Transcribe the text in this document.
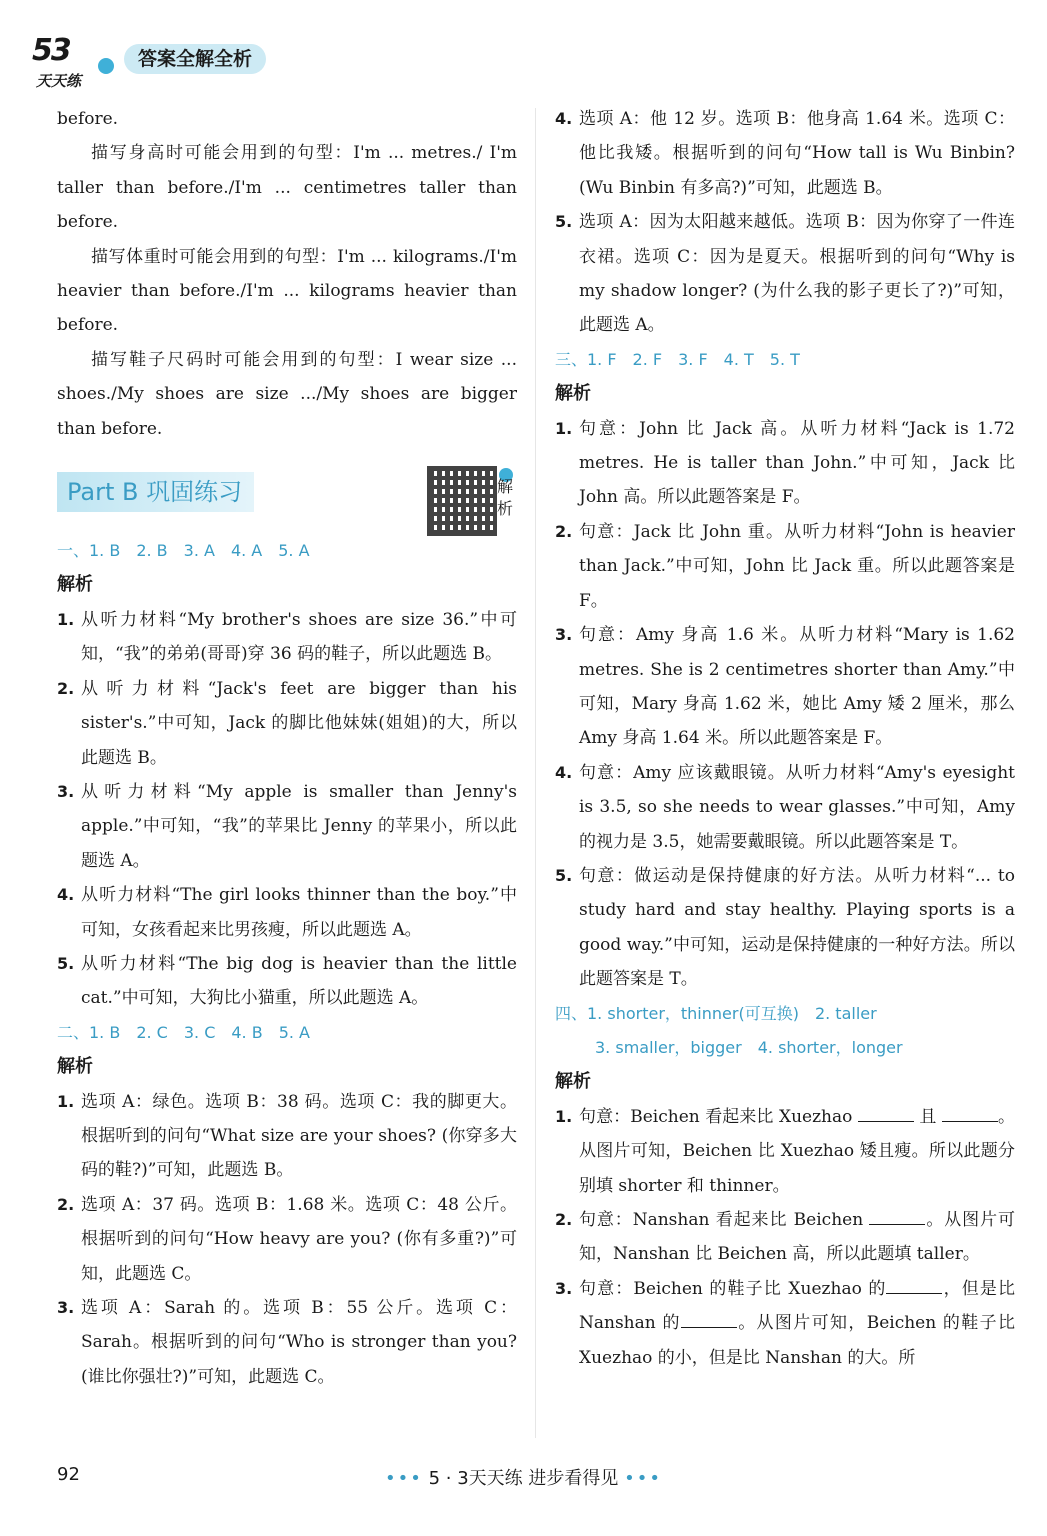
53
天天练
答案全解全析
before.
描写身高时可能会用到的句型：I'm ... metres./ I'm taller than before./I'm ... centimetres taller than before.
描写体重时可能会用到的句型：I'm ... kilograms./I'm heavier than before./I'm ... kilograms heavier than before.
描写鞋子尺码时可能会用到的句型：I wear size ... shoes./My shoes are size .../My shoes are bigger than before.
Part B 巩固练习	解析
一、1. B　2. B　3. A　4. A　5. A
解析
1. 从听力材料“My brother's shoes are size 36.”中可知，“我”的弟弟(哥哥)穿 36 码的鞋子，所以此题选 B。
2. 从听力材料“Jack's feet are bigger than his sister's.”中可知，Jack 的脚比他妹妹(姐姐)的大，所以此题选 B。
3. 从听力材料“My apple is smaller than Jenny's apple.”中可知，“我”的苹果比 Jenny 的苹果小，所以此题选 A。
4. 从听力材料“The girl looks thinner than the boy.”中可知，女孩看起来比男孩瘦，所以此题选 A。
5. 从听力材料“The big dog is heavier than the little cat.”中可知，大狗比小猫重，所以此题选 A。
二、1. B　2. C　3. C　4. B　5. A
解析
1. 选项 A：绿色。选项 B：38 码。选项 C：我的脚更大。根据听到的问句“What size are your shoes? (你穿多大码的鞋?)”可知，此题选 B。
2. 选项 A：37 码。选项 B：1.68 米。选项 C：48 公斤。根据听到的问句“How heavy are you? (你有多重?)”可知，此题选 C。
3. 选项 A：Sarah 的。选项 B：55 公斤。选项 C：Sarah。根据听到的问句“Who is stronger than you? (谁比你强壮?)”可知，此题选 C。
4. 选项 A：他 12 岁。选项 B：他身高 1.64 米。选项 C：他比我矮。根据听到的问句“How tall is Wu Binbin? (Wu Binbin 有多高?)”可知，此题选 B。
5. 选项 A：因为太阳越来越低。选项 B：因为你穿了一件连衣裙。选项 C：因为是夏天。根据听到的问句“Why is my shadow longer? (为什么我的影子更长了?)”可知，此题选 A。
三、1. F　2. F　3. F　4. T　5. T
解析
1. 句意：John 比 Jack 高。从听力材料“Jack is 1.72 metres. He is taller than John.”中可知，Jack 比 John 高。所以此题答案是 F。
2. 句意：Jack 比 John 重。从听力材料“John is heavier than Jack.”中可知，John 比 Jack 重。所以此题答案是 F。
3. 句意：Amy 身高 1.6 米。从听力材料“Mary is 1.62 metres. She is 2 centimetres shorter than Amy.”中可知，Mary 身高 1.62 米，她比 Amy 矮 2 厘米，那么 Amy 身高 1.64 米。所以此题答案是 F。
4. 句意：Amy 应该戴眼镜。从听力材料“Amy's eyesight is 3.5, so she needs to wear glasses.”中可知，Amy 的视力是 3.5，她需要戴眼镜。所以此题答案是 T。
5. 句意：做运动是保持健康的好方法。从听力材料“... to study hard and stay healthy. Playing sports is a good way.”中可知，运动是保持健康的一种好方法。所以此题答案是 T。
四、1. shorter，thinner(可互换)　2. taller
3. smaller，bigger　4. shorter，longer
解析
1. 句意：Beichen 看起来比 Xuezhao	且	。从图片可知，Beichen 比 Xuezhao 矮且瘦。所以此题分别填 shorter 和 thinner。
2. 句意：Nanshan 看起来比 Beichen	。从图片可知，Nanshan 比 Beichen 高，所以此题填 taller。
3. 句意：Beichen 的鞋子比 Xuezhao 的	，但是比 Nanshan 的	。从图片可知，Beichen 的鞋子比 Xuezhao 的小，但是比 Nanshan 的大。所
92	••• 5 · 3天天练 进步看得见 •••
